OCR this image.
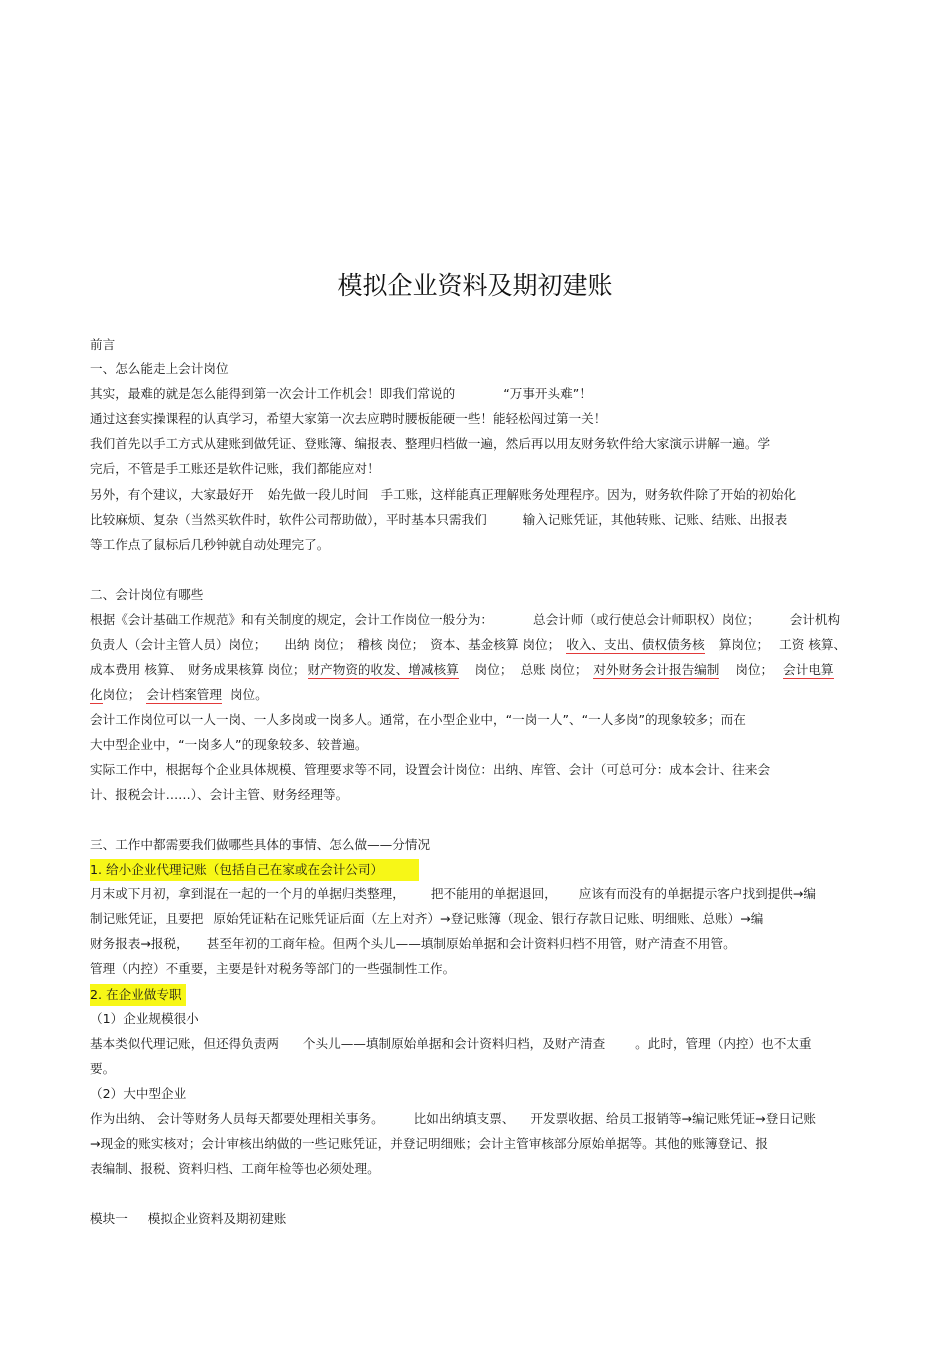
模拟企业资料及期初建账
前言
一、怎么能走上会计岗位
其实，最难的就是怎么能得到第一次会计工作机会！即我们常说的	“万事开头难”！
通过这套实操课程的认真学习，希望大家第一次去应聘时腰板能硬一些！能轻松闯过第一关！
我们首先以手工方式从建账到做凭证、登账簿、编报表、整理归档做一遍，然后再以用友财务软件给大家演示讲解一遍。学
完后，不管是手工账还是软件记账，我们都能应对！
另外，有个建议，大家最好开 始先做一段儿时间 手工账，这样能真正理解账务处理程序。因为，财务软件除了开始的初始化
比较麻烦、复杂（当然买软件时，软件公司帮助做），平时基本只需我们	输入记账凭证，其他转账、记账、结账、出报表
等工作点了鼠标后几秒钟就自动处理完了。
二、会计岗位有哪些
根据《会计基础工作规范》和有关制度的规定，会计工作岗位一般分为：	总会计师（或行使总会计师职权）岗位； 会计机构
负责人（会计主管人员）岗位； 出纳 岗位； 稽核 岗位； 资本、基金核算 岗位； 收入、支出、债权债务核 算岗位； 工资 核算、
成本费用 核算、 财务成果核算 岗位； 财产物资的收发、增减核算 岗位； 总账 岗位； 对外财务会计报告编制 岗位； 会计电算
化岗位； 会计档案管理 岗位。
会计工作岗位可以一人一岗、一人多岗或一岗多人。通常，在小型企业中，“一岗一人”、“一人多岗”的现象较多；而在
大中型企业中，“一岗多人”的现象较多、较普遍。
实际工作中，根据每个企业具体规模、管理要求等不同，设置会计岗位：出纳、库管、会计（可总可分：成本会计、往来会
计、报税会计……）、会计主管、财务经理等。
三、工作中都需要我们做哪些具体的事情、怎么做——分情况
1. 给小企业代理记账（包括自己在家或在会计公司）
月末或下月初，拿到混在一起的一个月的单据归类整理， 把不能用的单据退回， 应该有而没有的单据提示客户找到提供→编
制记账凭证，且要把 原始凭证粘在记账凭证后面（左上对齐）→登记账簿（现金、银行存款日记账、明细账、总账）→编
财务报表→报税， 甚至年初的工商年检。但两个头儿——填制原始单据和会计资料归档不用管，财产清查不用管。
管理（内控）不重要，主要是针对税务等部门的一些强制性工作。
2. 在企业做专职
（1）企业规模很小
基本类似代理记账，但还得负责两 个头儿——填制原始单据和会计资料归档，及财产清查 。此时，管理（内控）也不太重
要。
（2）大中型企业
作为出纳、 会计等财务人员每天都要处理相关事务。 比如出纳填支票、 开发票收据、给员工报销等→编记账凭证→登日记账
→现金的账实核对；会计审核出纳做的一些记账凭证，并登记明细账；会计主管审核部分原始单据等。其他的账簿登记、报
表编制、报税、资料归档、工商年检等也必须处理。
模块一 模拟企业资料及期初建账
